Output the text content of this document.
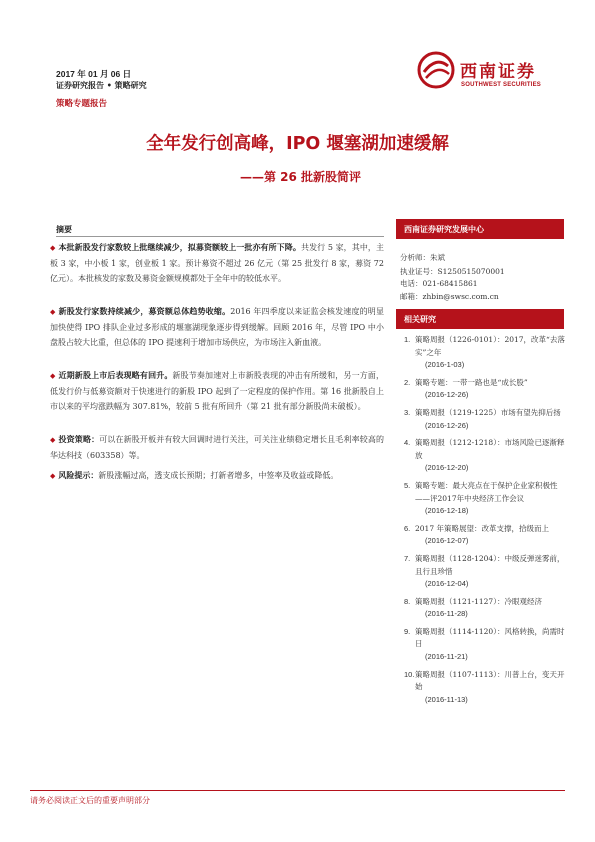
2017 年 01 月 06 日
证券研究报告 • 策略研究
策略专题报告
西南证券
SOUTHWEST SECURITIES
全年发行创高峰，IPO 堰塞湖加速缓解
——第 26 批新股简评
摘要
◆ 本批新股发行家数较上批继续减少，拟募资额较上一批亦有所下降。共发行 5 家，其中，主板 3 家，中小板 1 家，创业板 1 家。预计募资不超过 26 亿元（第 25 批发行 8 家，募资 72 亿元）。本批核发的家数及募资金额规模都处于全年中的较低水平。
◆ 新股发行家数持续减少，募资额总体趋势收缩。2016 年四季度以来证监会核发速度的明显加快使得 IPO 排队企业过多形成的堰塞湖现象逐步得到缓解。回顾 2016 年，尽管 IPO 中小盘股占较大比重，但总体的 IPO 提速利于增加市场供应，为市场注入新血液。
◆ 近期新股上市后表现略有回升。新股节奏加速对上市新股表现的冲击有所缓和，另一方面，低发行价与低募资额对于快速进行的新股 IPO 起到了一定程度的保护作用。第 16 批新股自上市以来的平均涨跌幅为 307.81%，较前 5 批有所回升（第 21 批有部分新股尚未破板）。
◆ 投资策略：可以在新股开板并有较大回调时进行关注，可关注业绩稳定增长且毛利率较高的华达科技（603358）等。
◆ 风险提示：新股涨幅过高，透支成长预期；打新者增多，中签率及收益或降低。
西南证券研究发展中心
分析师：朱斌
执业证号：S1250515070001
电话：021-68415861
邮箱：zhbin@swsc.com.cn
相关研究
1. 策略周报（1226-0101）：2017，改革“去落实”之年
(2016-1-03)
2. 策略专题：一带一路也是“成长股”
(2016-12-26)
3. 策略周报（1219-1225）市场有望先抑后扬
(2016-12-26)
4. 策略周报（1212-1218）：市场风险已逐渐释放
(2016-12-20)
5. 策略专题：最大亮点在于保护企业家积极性——评2017年中央经济工作会议
(2016-12-18)
6. 2017 年策略展望：改革支撑，拾级而上
(2016-12-07)
7. 策略周报（1128-1204）：中级反弹迷雾前，且行且珍惜
(2016-12-04)
8. 策略周报（1121-1127）：冷眼观经济
(2016-11-28)
9. 策略周报（1114-1120）：风格转换，尚需时日
(2016-11-21)
10. 策略周报（1107-1113）：川普上台，变天开始
(2016-11-13)
请务必阅读正文后的重要声明部分
